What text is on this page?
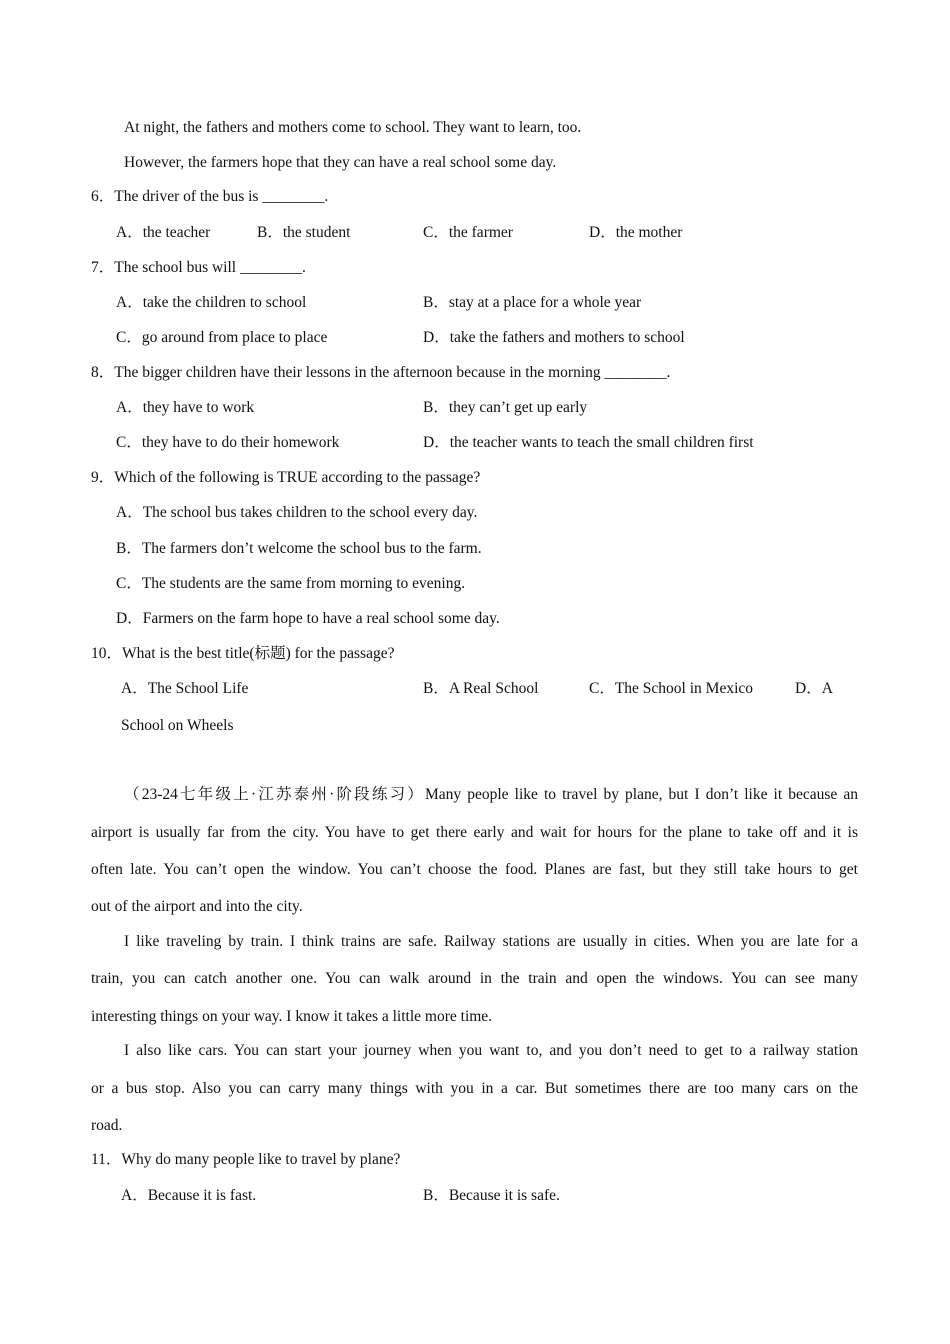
At night, the fathers and mothers come to school. They want to learn, too.
However, the farmers hope that they can have a real school some day.
6．The driver of the bus is ________.
A．the teacher	B．the student	C．the farmer	D．the mother
7．The school bus will ________.
A．take the children to school	B．stay at a place for a whole year
C．go around from place to place	D．take the fathers and mothers to school
8．The bigger children have their lessons in the afternoon because in the morning ________.
A．they have to work	B．they can’t get up early
C．they have to do their homework	D．the teacher wants to teach the small children first
9．Which of the following is TRUE according to the passage?
A．The school bus takes children to the school every day.
B．The farmers don’t welcome the school bus to the farm.
C．The students are the same from morning to evening.
D．Farmers on the farm hope to have a real school some day.
10．What is the best title(标题) for the passage?
A．The School Life	B．A Real School	C．The School in Mexico	D．A
School on Wheels
（23-24七年级上·江苏泰州·阶段练习）Many people like to travel by plane, but I don’t like it because an
airport is usually far from the city. You have to get there early and wait for hours for the plane to take off and it is
often late. You can’t open the window. You can’t choose the food. Planes are fast, but they still take hours to get
out of the airport and into the city.
I like traveling by train. I think trains are safe. Railway stations are usually in cities. When you are late for a
train, you can catch another one. You can walk around in the train and open the windows. You can see many
interesting things on your way. I know it takes a little more time.
I also like cars. You can start your journey when you want to, and you don’t need to get to a railway station
or a bus stop. Also you can carry many things with you in a car. But sometimes there are too many cars on the
road.
11．Why do many people like to travel by plane?
A．Because it is fast.	B．Because it is safe.
